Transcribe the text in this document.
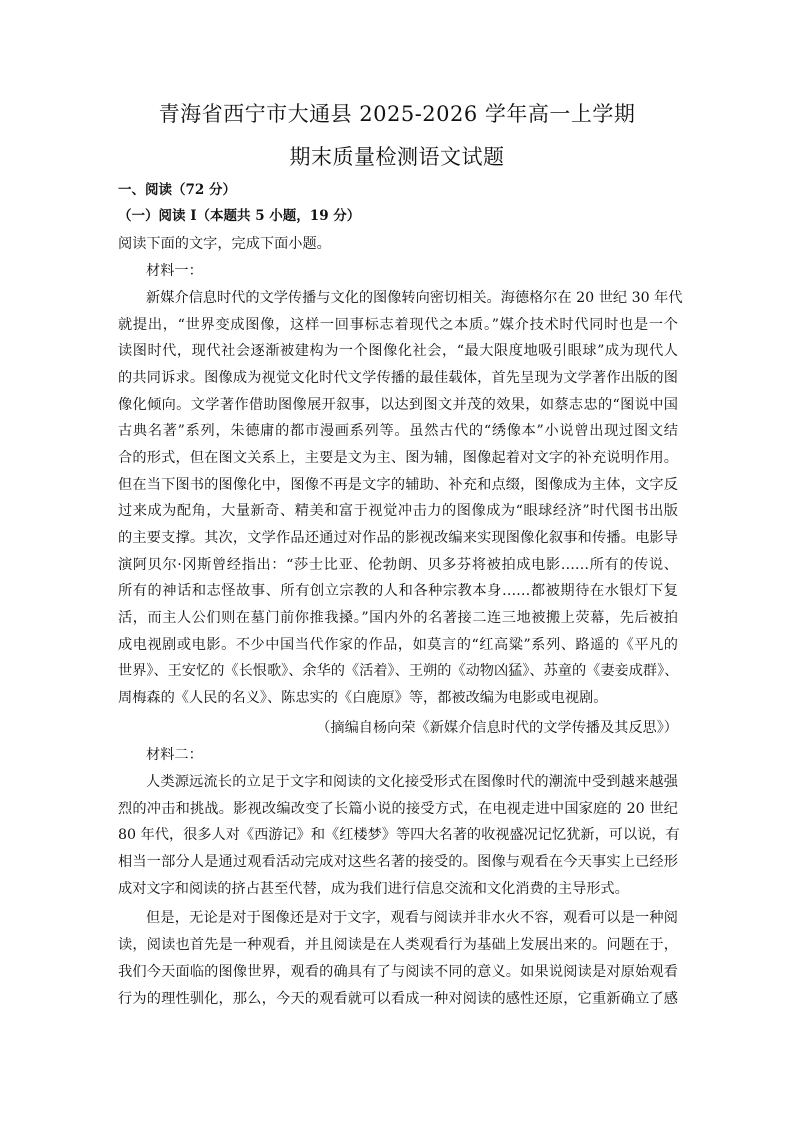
青海省西宁市大通县 2025-2026 学年高一上学期
期末质量检测语文试题
一、阅读（72 分）
（一）阅读 I（本题共 5 小题，19 分）
阅读下面的文字，完成下面小题。
材料一：
新媒介信息时代的文学传播与文化的图像转向密切相关。海德格尔在 20 世纪 30 年代
就提出，“世界变成图像，这样一回事标志着现代之本质。”媒介技术时代同时也是一个
读图时代，现代社会逐渐被建构为一个图像化社会，“最大限度地吸引眼球”成为现代人
的共同诉求。图像成为视觉文化时代文学传播的最佳载体，首先呈现为文学著作出版的图
像化倾向。文学著作借助图像展开叙事，以达到图文并茂的效果，如蔡志忠的“图说中国
古典名著”系列，朱德庸的都市漫画系列等。虽然古代的“绣像本”小说曾出现过图文结
合的形式，但在图文关系上，主要是文为主、图为辅，图像起着对文字的补充说明作用。
但在当下图书的图像化中，图像不再是文字的辅助、补充和点缀，图像成为主体，文字反
过来成为配角，大量新奇、精美和富于视觉冲击力的图像成为“眼球经济”时代图书出版
的主要支撑。其次，文学作品还通过对作品的影视改编来实现图像化叙事和传播。电影导
演阿贝尔·冈斯曾经指出：“莎士比亚、伦勃朗、贝多芬将被拍成电影……所有的传说、
所有的神话和志怪故事、所有创立宗教的人和各种宗教本身……都被期待在水银灯下复
活，而主人公们则在墓门前你推我搡。”国内外的名著接二连三地被搬上荧幕，先后被拍
成电视剧或电影。不少中国当代作家的作品，如莫言的“红高粱”系列、路遥的《平凡的
世界》、王安忆的《长恨歌》、余华的《活着》、王朔的《动物凶猛》、苏童的《妻妾成群》、
周梅森的《人民的名义》、陈忠实的《白鹿原》等，都被改编为电影或电视剧。
（摘编自杨向荣《新媒介信息时代的文学传播及其反思》）
材料二：
人类源远流长的立足于文字和阅读的文化接受形式在图像时代的潮流中受到越来越强
烈的冲击和挑战。影视改编改变了长篇小说的接受方式，在电视走进中国家庭的 20 世纪
80 年代，很多人对《西游记》和《红楼梦》等四大名著的收视盛况记忆犹新，可以说，有
相当一部分人是通过观看活动完成对这些名著的接受的。图像与观看在今天事实上已经形
成对文字和阅读的挤占甚至代替，成为我们进行信息交流和文化消费的主导形式。
但是，无论是对于图像还是对于文字，观看与阅读并非水火不容，观看可以是一种阅
读，阅读也首先是一种观看，并且阅读是在人类观看行为基础上发展出来的。问题在于，
我们今天面临的图像世界，观看的确具有了与阅读不同的意义。如果说阅读是对原始观看
行为的理性驯化，那么，今天的观看就可以看成一种对阅读的感性还原，它重新确立了感
